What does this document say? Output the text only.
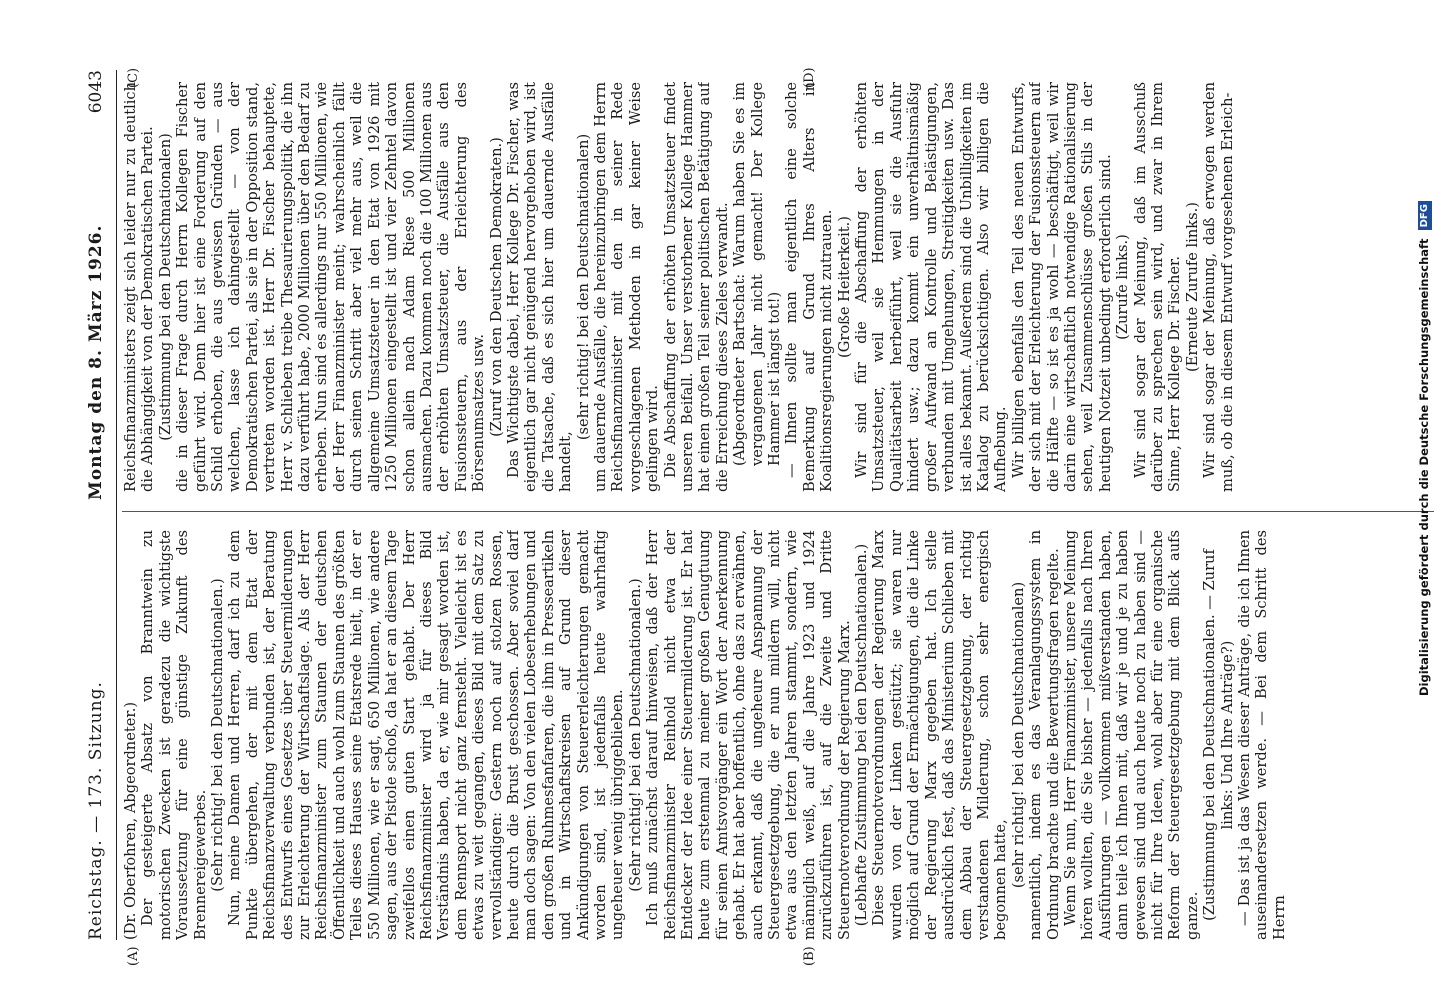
Reichstag. — 173. Sitzung.
Montag den 8. März 1926.
6043

(Dr. Oberfohren, Abgeordneter.) Der gesteigerte Absatz von Branntwein zu motorischen Zwecken ist geradezu die wichtigste Voraussetzung für eine günstige Zukunft des Brennereigewerbes. (Sehr richtig! bei den Deutschnationalen.) Nun, meine Damen und Herren, darf ich zu dem Punkte übergehen, der mit dem Etat der Reichsfinanzverwaltung verbunden ist, der Beratung des Entwurfs eines Gesetzes über Steuermilderungen zur Erleichterung der Wirtschaftslage. Als der Herr Reichsfinanzminister zum Staunen der deutschen Öffentlichkeit und auch wohl zum Staunen des größten Teiles dieses Hauses seine Etatsrede hielt, in der er 550 Millionen, wie er sagt, 650 Millionen, wie andere sagen, aus der Pistole schoß, da hat er an diesem Tage zweifellos einen guten Start gehabt. Der Herr Reichsfinanzminister wird ja für dieses Bild Verständnis haben, da er, wie mir gesagt worden ist, dem Rennsport nicht ganz fernsteht. Vielleicht ist es etwas zu weit gegangen, dieses Bild mit dem Satz zu vervollständigen: Gestern noch auf stolzen Rossen, heute durch die Brust geschossen. Aber soviel darf man doch sagen: Von den vielen Lobeserhebungen und den großen Ruhmesfanfaren, die ihm in Presseartikeln und in Wirtschaftskreisen auf Grund dieser Ankündigungen von Steuererleichterungen gemacht worden sind, ist jedenfalls heute wahrhaftig ungeheuer wenig übriggeblieben. (Sehr richtig! bei den Deutschnationalen.) Ich muß zunächst darauf hinweisen, daß der Herr Reichsfinanzminister Reinhold nicht etwa der Entdecker der Idee einer Steuermilderung ist. Er hat heute zum erstenmal zu meiner großen Genugtuung für seinen Amtsvorgänger ein Wort der Anerkennung gehabt. Er hat aber hoffentlich, ohne das zu erwähnen, auch erkannt, daß die ungeheure Anspannung der Steuergesetzgebung, die er nun mildern will, nicht etwa aus den letzten Jahren stammt, sondern, wie männiglich weiß, auf die Jahre 1923 und 1924 zurückzuführen ist, auf die Zweite und Dritte Steuernotverordnung der Regierung Marx. (Lebhafte Zustimmung bei den Deutschnationalen.) Diese Steuernotverordnungen der Regierung Marx wurden von der Linken gestützt; sie waren nur möglich auf Grund der Ermächtigungen, die die Linke der Regierung Marx gegeben hat. Ich stelle ausdrücklich fest, daß das Ministerium Schlieben mit dem Abbau der Steuergesetzgebung, der richtig verstandenen Milderung, schon sehr energisch begonnen hatte, (sehr richtig! bei den Deutschnationalen) namentlich, indem es das Veranlagungssystem in Ordnung brachte und die Bewertungsfragen regelte. Wenn Sie nun, Herr Finanzminister, unsere Meinung hören wollten, die Sie bisher — jedenfalls nach Ihren Ausführungen — vollkommen mißverstanden haben, dann teile ich Ihnen mit, daß wir je und je zu haben gewesen sind und auch heute noch zu haben sind — nicht für Ihre Ideen, wohl aber für eine organische Reform der Steuergesetzgebung mit dem Blick aufs ganze. (Zustimmung bei den Deutschnationalen. — Zuruf links: Und Ihre Anträge?) — Das ist ja das Wesen dieser Anträge, die ich Ihnen auseinandersetzen werde. — Bei dem Schritt des Herrn

Reichsfinanzministers zeigt sich leider nur zu deutlich die Abhängigkeit von der Demokratischen Partei. (Zustimmung bei den Deutschnationalen) die in dieser Frage durch Herrn Kollegen Fischer geführt wird. Denn hier ist eine Forderung auf den Schild erhoben, die aus gewissen Gründen — aus welchen, lasse ich dahingestellt — von der Demokratischen Partei, als sie in der Opposition stand, vertreten worden ist. Herr Dr. Fischer behauptete, Herr v. Schlieben treibe Thesaurierungspolitik, die ihn dazu verführt habe, 2000 Millionen über den Bedarf zu erheben. Nun sind es allerdings nur 550 Millionen, wie der Herr Finanzminister meint; wahrscheinlich fällt durch seinen Schritt aber viel mehr aus, weil die allgemeine Umsatzsteuer in den Etat von 1926 mit 1250 Millionen eingestellt ist und vier Zehntel davon schon allein nach Adam Riese 500 Millionen ausmachen. Dazu kommen noch die 100 Millionen aus der erhöhten Umsatzsteuer, die Ausfälle aus den Fusionssteuern, aus der Erleichterung des Börsenumsatzes usw. (Zuruf von den Deutschen Demokraten.) Das Wichtigste dabei, Herr Kollege Dr. Fischer, was eigentlich gar nicht genügend hervorgehoben wird, ist die Tatsache, daß es sich hier um dauernde Ausfälle handelt,

(sehr richtig! bei den Deutschnationalen) um dauernde Ausfälle, die hereinzubringen dem Herrn Reichsfinanzminister mit den in seiner Rede vorgeschlagenen Methoden in gar keiner Weise gelingen wird. Die Abschaffung der erhöhten Umsatzsteuer findet unseren Beifall. Unser verstorbener Kollege Hammer hat einen großen Teil seiner politischen Betätigung auf die Erreichung dieses Zieles verwandt. (Abgeordneter Bartschat: Warum haben Sie es im vergangenen Jahr nicht gemacht! Der Kollege Hammer ist längst tot!) — Ihnen sollte man eigentlich eine solche Bemerkung auf Grund Ihres Alters in Koalitionsregierungen nicht zutrauen. (Große Heiterkeit.) Wir sind für die Abschaffung der erhöhten Umsatzsteuer, weil sie Hemmungen in der Qualitätsarbeit herbeiführt, weil sie die Ausfuhr hindert usw.; dazu kommt ein unverhältnismäßig großer Aufwand an Kontrolle und Belästigungen, verbunden mit Umgehungen, Streitigkeiten usw. Das ist alles bekannt. Außerdem sind die Unbilligkeiten im Katalog zu berücksichtigen. Also wir billigen die Aufhebung. Wir billigen ebenfalls den Teil des neuen Entwurfs, der sich mit der Erleichterung der Fusionssteuern auf die Hälfte — so ist es ja wohl — beschäftigt, weil wir darin eine wirtschaftlich notwendige Rationalisierung sehen, weil Zusammenschlüsse großen Stils in der heutigen Notzeit unbedingt erforderlich sind. (Zurufe links.) Wir sind sogar der Meinung, daß im Ausschuß darüber zu sprechen sein wird, und zwar in Ihrem Sinne, Herr Kollege Dr. Fischer. (Erneute Zurufe links.) Wir sind sogar der Meinung, daß erwogen werden muß, ob die in diesem Entwurf vorgesehenen Erleich-

(A)	(B)
(C)	(D)
Digitalisierung gefördert durch die Deutsche Forschungsgemeinschaft DFG
